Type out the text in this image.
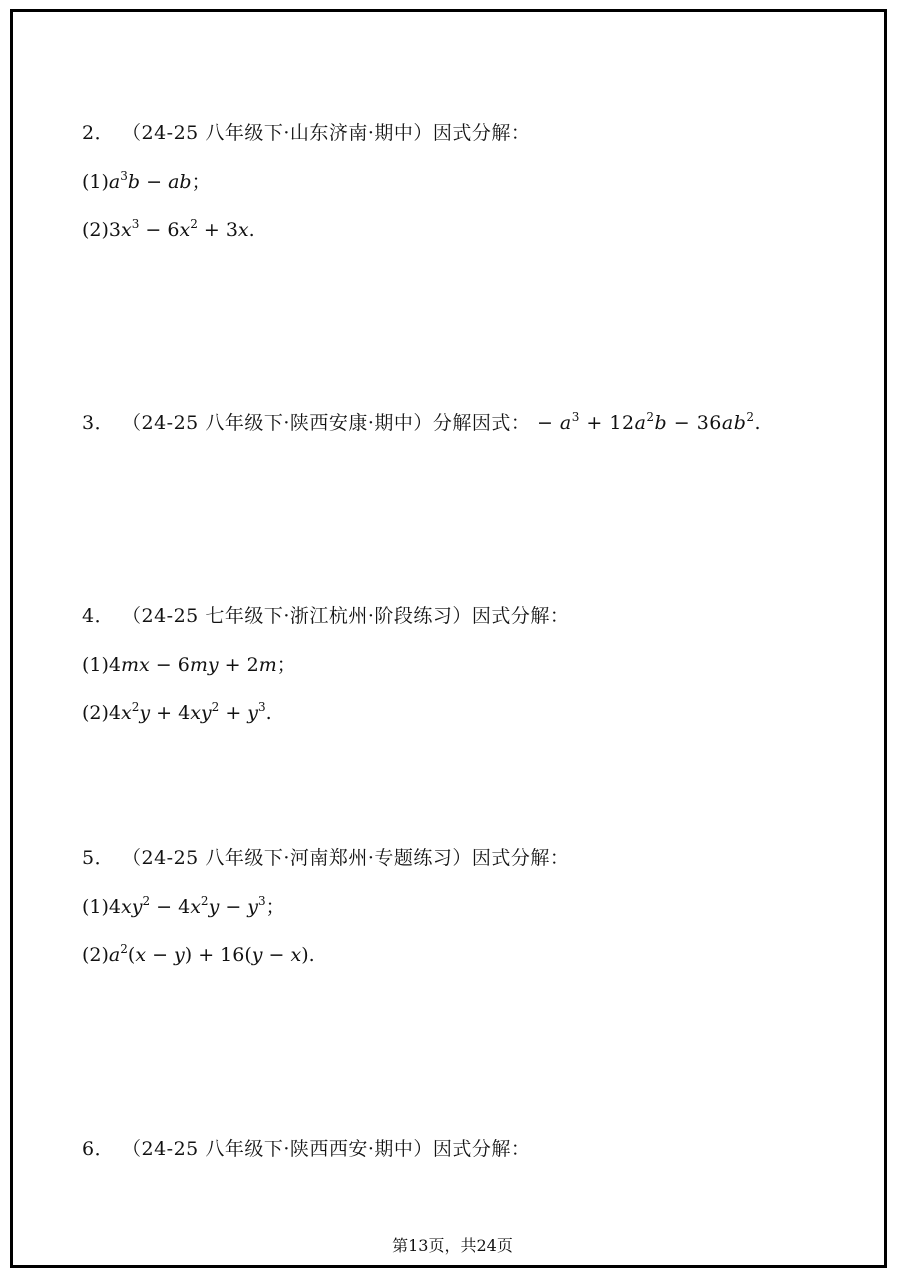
2． （24-25 八年级下·山东济南·期中）因式分解：
$(1)a^3b$ − ab；
$(2)3x^3 - 6x^2 + 3x$.
3． （24-25 八年级下·陕西安康·期中）分解因式： − $a^3 + 12a^2b - 36ab^2$.
4． （24-25 七年级下·浙江杭州·阶段练习）因式分解：
(1)4mx − 6my + 2m；
$(2)4x^2y + 4xy^2 + y^3$.
5． （24-25 八年级下·河南郑州·专题练习）因式分解：
$(1)4xy^2 - 4x^2y - y^3$；
$(2)a^2(x - y) + 16(y - x)$.
6． （24-25 八年级下·陕西西安·期中）因式分解：
第13页，共24页
